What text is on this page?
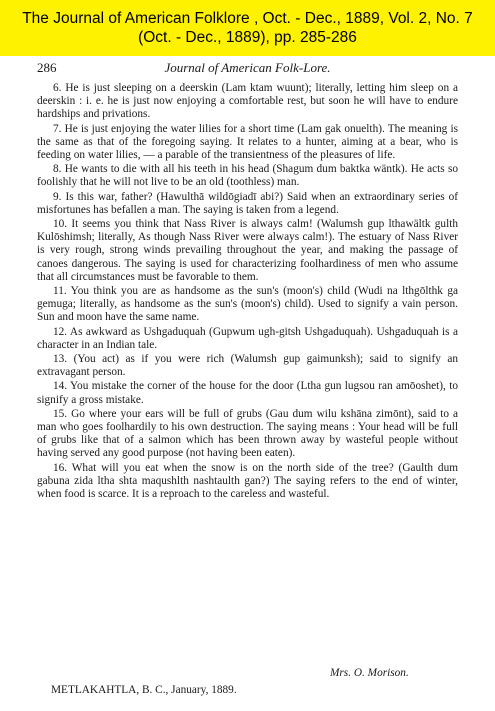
The Journal of American Folklore , Oct. - Dec., 1889, Vol. 2, No. 7 (Oct. - Dec., 1889), pp. 285-286
286	Journal of American Folk-Lore.

6. He is just sleeping on a deerskin (Lam ktam wuunt); literally, letting him sleep on a deerskin : i. e. he is just now enjoying a comfortable rest, but soon he will have to endure hardships and privations.

7. He is just enjoying the water lilies for a short time (Lam gak onuelth). The meaning is the same as that of the foregoing saying. It relates to a hunter, aiming at a bear, who is feeding on water lilies, — a parable of the transientness of the pleasures of life.

8. He wants to die with all his teeth in his head (Shagum dum baktka wäntk). He acts so foolishly that he will not live to be an old (toothless) man.

9. Is this war, father? (Hawulthā wildōgiadī abi?) Said when an extraordinary series of misfortunes has befallen a man. The saying is taken from a legend.

10. It seems you think that Nass River is always calm! (Walumsh gup lthawältk gulth Kulōshimsh; literally, As though Nass River were always calm!). The estuary of Nass River is very rough, strong winds prevailing throughout the year, and making the passage of canoes dangerous. The saying is used for characterizing foolhardiness of men who assume that all circumstances must be favorable to them.

11. You think you are as handsome as the sun's (moon's) child (Wudi na lthgōlthk ga gemuga; literally, as handsome as the sun's (moon's) child). Used to signify a vain person. Sun and moon have the same name.

12. As awkward as Ushgaduquah (Gupwum ugh-gitsh Ushgaduquah). Ushgaduquah is a character in an Indian tale.

13. (You act) as if you were rich (Walumsh gup gaimunksh); said to signify an extravagant person.

14. You mistake the corner of the house for the door (Ltha gun lugsou ran amōoshet), to signify a gross mistake.

15. Go where your ears will be full of grubs (Gau dum wilu kshāna zimōnt), said to a man who goes foolhardily to his own destruction. The saying means : Your head will be full of grubs like that of a salmon which has been thrown away by wasteful people without having served any good purpose (not having been eaten).

16. What will you eat when the snow is on the north side of the tree? (Gaulth dum gabuna zida ltha shta maqushlth nashtaulth gan?) The saying refers to the end of winter, when food is scarce. It is a reproach to the careless and wasteful.

Mrs. O. Morison.
METLAKAHTLA, B. C., January, 1889.
